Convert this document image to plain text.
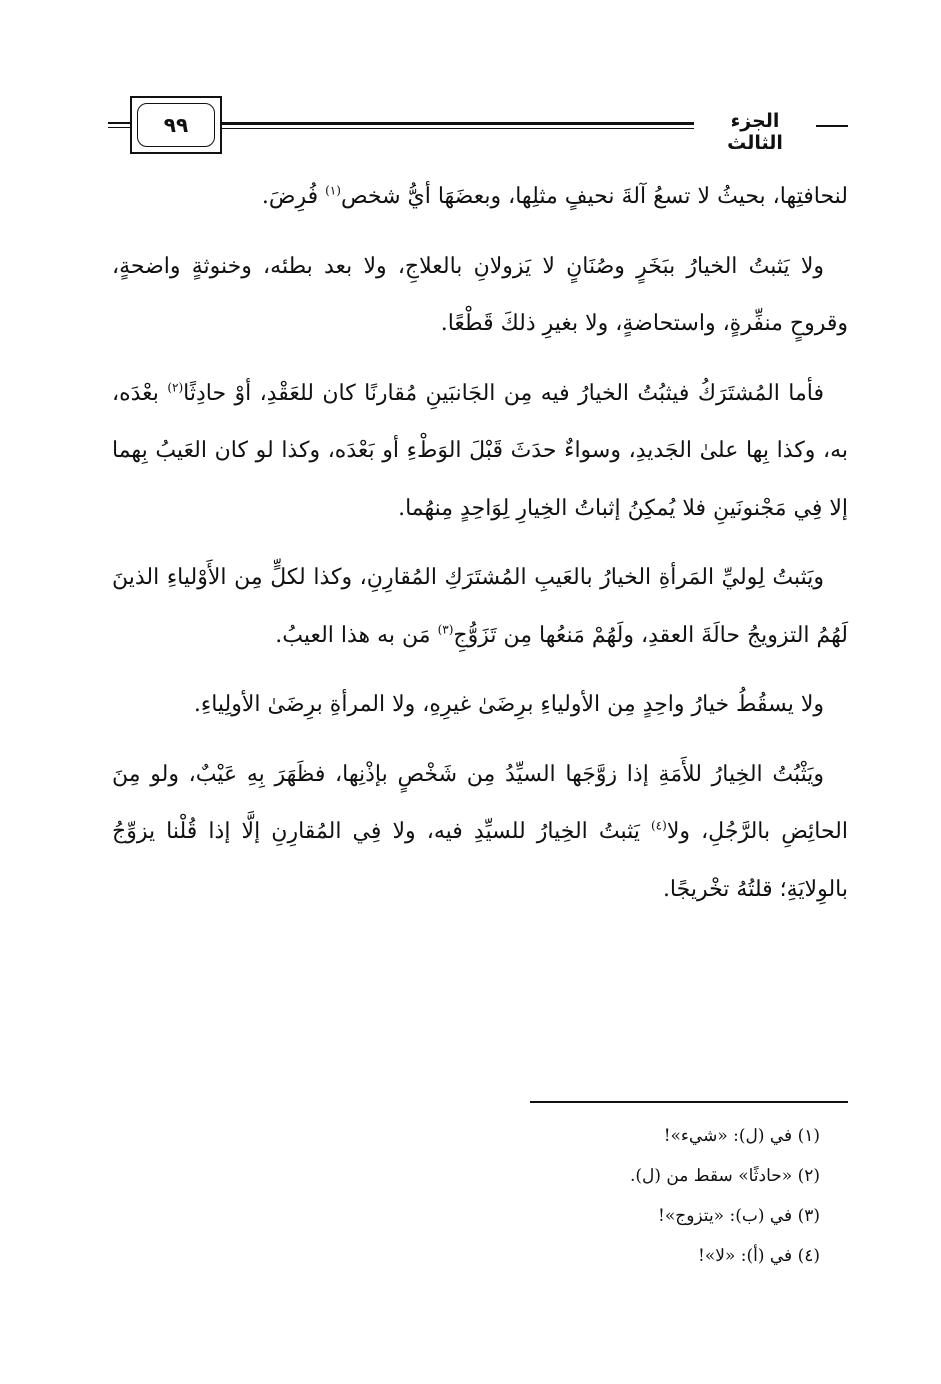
٩٩	الجزء الثالث

لنحافتِها، بحيثُ لا تسعُ آلةَ نحيفٍ مثلِها، وبعضَهَا أيُّ شخص$^{(١)}$ فُرِضَ.

ولا يَثبتُ الخيارُ ببَخَرٍ وصُنَانٍ لا يَزولانِ بالعلاجِ، ولا بعد بطئه، وخنوثةٍ واضحةٍ، وقروحٍ منفِّرةٍ، واستحاضةٍ، ولا بغيرِ ذلكَ قَطْعًا.

فأما المُشتَرَكُ فيثبُتُ الخيارُ فيه مِن الجَانبَينِ مُقارنًا كان للعَقْدِ، أوْ حادِثًا$^{(٢)}$ بعْدَه، به، وكذا بِها علىٰ الجَديدِ، وسواءٌ حدَثَ قَبْلَ الوَطْءِ أو بَعْدَه، وكذا لو كان العَيبُ بِهما إلا فِي مَجْنونَينِ فلا يُمكِنُ إثباتُ الخِيارِ لِوَاحِدٍ مِنهُما.

ويَثبتُ لِوليِّ المَرأةِ الخيارُ بالعَيبِ المُشتَرَكِ المُقارِنِ، وكذا لكلٍّ مِن الأَوْلياءِ الذينَ لَهُمُ التزويجُ حالَةَ العقدِ، ولَهُمْ مَنعُها مِن تَزَوُّجِ$^{(٣)}$ مَن به هذا العيبُ.

ولا يسقُطُ خيارُ واحِدٍ مِن الأولياءِ برِضَىٰ غيرِهِ، ولا المرأةِ برِضَىٰ الأولِياءِ.

ويَثْبُتُ الخِيارُ للأَمَةِ إذا زوَّجَها السيِّدُ مِن شَخْصٍ بإذْنِها، فظَهَرَ بِهِ عَيْبٌ، ولو مِنَ الحائِضِ بالرَّجُلِ، ولا$^{(٤)}$ يَثبتُ الخِيارُ للسيِّدِ فيه، ولا فِي المُقارِنِ إلَّا إذا قُلْنا يزوِّجُ بالوِلايَةِ؛ قلتُهُ تخْريجًا.

(١) في (ل): «شيء»!
(٢) «حادثًا» سقط من (ل).
(٣) في (ب): «يتزوج»!
(٤) في (أ): «لا»!
